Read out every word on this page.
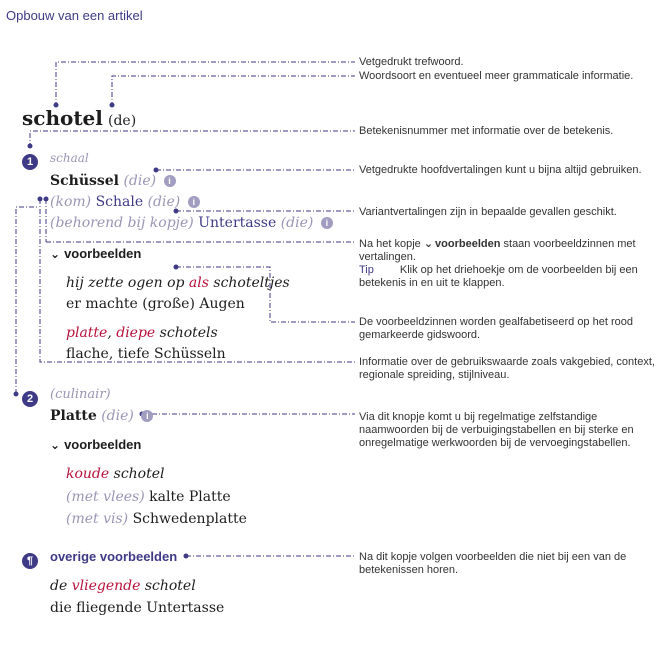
Opbouw van een artikel
schotel (de)
1	schaal
Schüssel (die) i
(kom) Schale (die) i
(behorend bij kopje) Untertasse (die) i
⌄ voorbeelden
hij zette ogen op als schoteltjes
er machte (große) Augen
platte, diepe schotels
flache, tiefe Schüsseln
2	(culinair)
Platte (die) i
⌄ voorbeelden
koude schotel
(met vlees) kalte Platte
(met vis) Schwedenplatte
¶	overige voorbeelden
de vliegende schotel
die fliegende Untertasse
Vetgedrukt trefwoord.
Woordsoort en eventueel meer grammaticale informatie.
Betekenisnummer met informatie over de betekenis.
Vetgedrukte hoofdvertalingen kunt u bijna altijd gebruiken.
Variantvertalingen zijn in bepaalde gevallen geschikt.
Na het kopje ⌄ voorbeelden staan voorbeeldzinnen met vertalingen.
Tip Klik op het driehoekje om de voorbeelden bij een betekenis in en uit te klappen.
De voorbeeldzinnen worden gealfabetiseerd op het rood gemarkeerde gidswoord.
Informatie over de gebruikswaarde zoals vakgebied, context, regionale spreiding, stijlniveau.
Via dit knopje komt u bij regelmatige zelfstandige naamwoorden bij de verbuigingstabellen en bij sterke en onregelmatige werkwoorden bij de vervoegingstabellen.
Na dit kopje volgen voorbeelden die niet bij een van de betekenissen horen.
